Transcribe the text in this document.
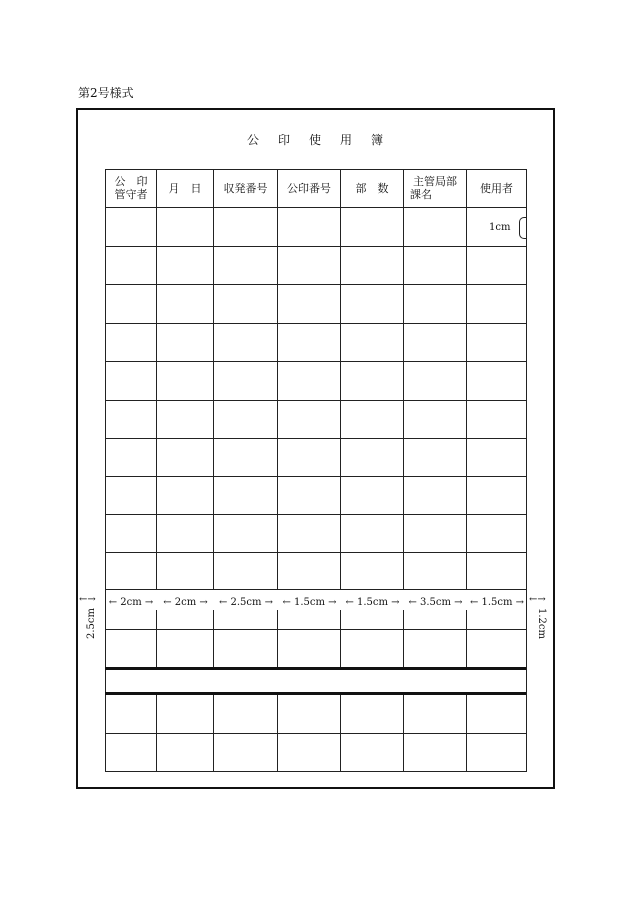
第2号様式
公印使用簿
公　印
管守者 月　日 収発番号 公印番号 部　数 主管局部
課名	使用者
1cm
← 2cm → ← 2cm →	← 2.5cm → ← 1.5cm → ← 1.5cm → ← 3.5cm → ← 1.5cm →
←→
2.5cm
←→
1.2cm
